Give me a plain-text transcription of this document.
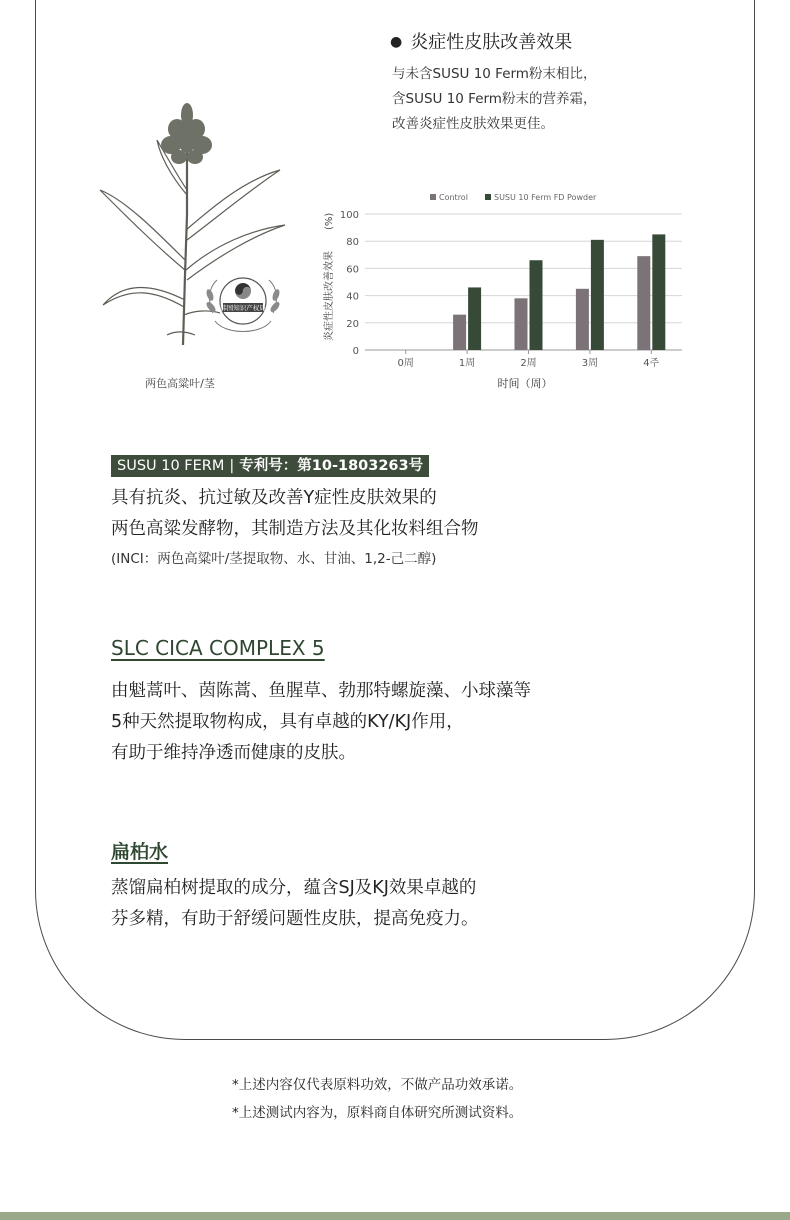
● 炎症性皮肤改善效果
与未含SUSU 10 Ferm粉末相比，
含SUSU 10 Ferm粉末的营养霜，
改善炎症性皮肤效果更佳。
韩国知识产权局
两色高粱叶/茎
Control	SUSU 10 Ferm FD Powder
0
20
40
60
80
100
0周	1周	2周	3周	4주
炎症性皮肤改善效果
(%)
时间（周）
SUSU 10 FERM | 专利号：第10-1803263号
具有抗炎、抗过敏及改善Y症性皮肤效果的
两色高粱发酵物，其制造方法及其化妆料组合物
(INCI：两色高粱叶/茎提取物、水、甘油、1,2-己二醇)
SLC CICA COMPLEX 5
由魁蒿叶、茵陈蒿、鱼腥草、勃那特螺旋藻、小球藻等
5种天然提取物构成，具有卓越的KY/KJ作用，
有助于维持净透而健康的皮肤。
扁柏水
蒸馏扁柏树提取的成分，蕴含SJ及KJ效果卓越的
芬多精，有助于舒缓问题性皮肤，提高免疫力。
*上述内容仅代表原料功效，不做产品功效承诺。
*上述测试内容为，原料商自体研究所测试资料。
